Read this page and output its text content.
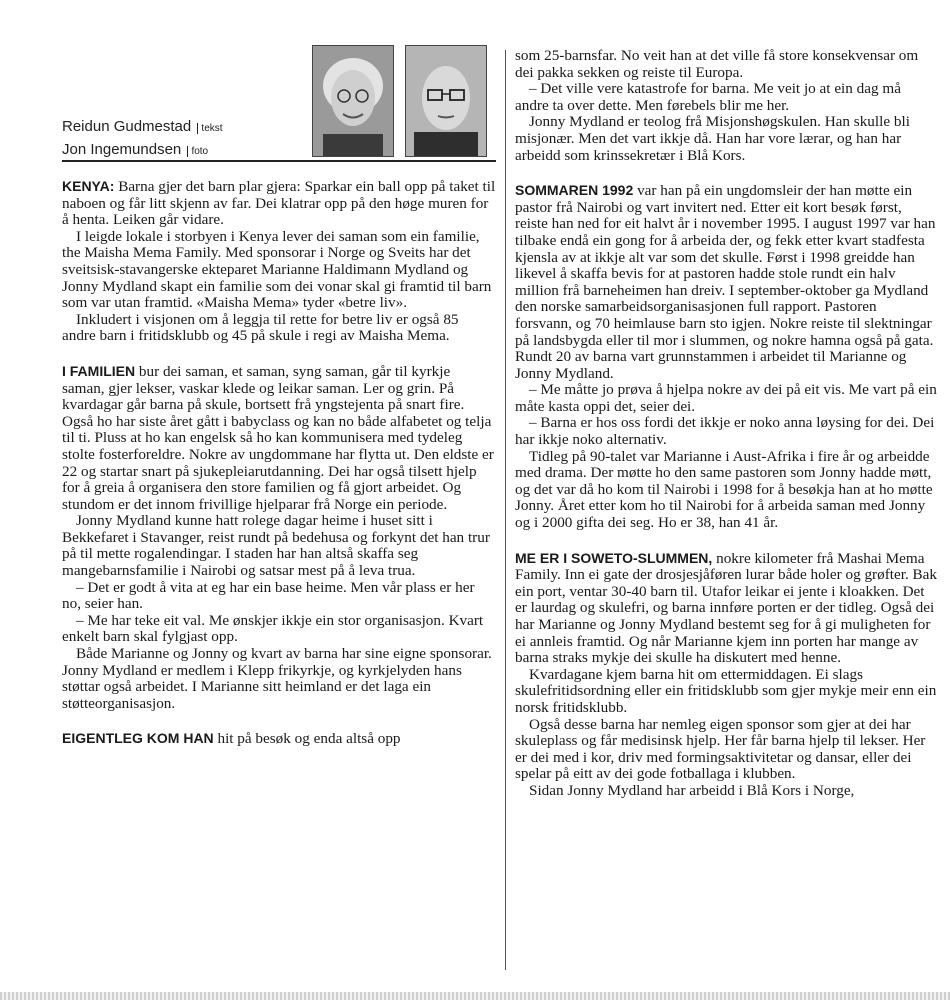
Reidun Gudmestad tekst
Jon Ingemundsen foto

KENYA: Barna gjer det barn plar gjera: Sparkar ein ball opp på taket til naboen og får litt skjenn av far. Dei klatrar opp på den høge muren for å henta. Leiken går vidare.

I leigde lokale i storbyen i Kenya lever dei saman som ein familie, the Maisha Mema Family. Med sponsorar i Norge og Sveits har det sveitsisk-stavangerske ekteparet Marianne Haldimann Mydland og Jonny Mydland skapt ein familie som dei vonar skal gi framtid til barn som var utan framtid. «Maisha Mema» tyder «betre liv».

Inkludert i visjonen om å leggja til rette for betre liv er også 85 andre barn i fritidsklubb og 45 på skule i regi av Maisha Mema.

I FAMILIEN bur dei saman, et saman, syng saman, går til kyrkje saman, gjer lekser, vaskar klede og leikar saman. Ler og grin. På kvardagar går barna på skule, bortsett frå yngstejenta på snart fire. Også ho har siste året gått i babyclass og kan no både alfabetet og telja til ti. Pluss at ho kan engelsk så ho kan kommunisera med tydeleg stolte fosterforeldre. Nokre av ungdommane har flytta ut. Den eldste er 22 og startar snart på sjukepleiarutdanning. Dei har også tilsett hjelp for å greia å organisera den store familien og få gjort arbeidet. Og stundom er det innom frivillige hjelparar frå Norge ein periode.

Jonny Mydland kunne hatt rolege dagar heime i huset sitt i Bekkefaret i Stavanger, reist rundt på bedehusa og forkynt det han trur på til mette rogalendingar. I staden har han altså skaffa seg mangebarnsfamilie i Nairobi og satsar mest på å leva trua.

– Det er godt å vita at eg har ein base heime. Men vår plass er her no, seier han.

– Me har teke eit val. Me ønskjer ikkje ein stor organisasjon. Kvart enkelt barn skal fylgjast opp.

Både Marianne og Jonny og kvart av barna har sine eigne sponsorar. Jonny Mydland er medlem i Klepp frikyrkje, og kyrkjelyden hans støttar også arbeidet. I Marianne sitt heimland er det laga ein støtteorganisasjon.

EIGENTLEG KOM HAN hit på besøk og enda altså opp

som 25-barnsfar. No veit han at det ville få store konsekvensar om dei pakka sekken og reiste til Europa.

– Det ville vere katastrofe for barna. Me veit jo at ein dag må andre ta over dette. Men førebels blir me her.

Jonny Mydland er teolog frå Misjonshøgskulen. Han skulle bli misjonær. Men det vart ikkje då. Han har vore lærar, og han har arbeidd som krinssekretær i Blå Kors.

SOMMAREN 1992 var han på ein ungdomsleir der han møtte ein pastor frå Nairobi og vart invitert ned. Etter eit kort besøk først, reiste han ned for eit halvt år i november 1995. I august 1997 var han tilbake endå ein gong for å arbeida der, og fekk etter kvart stadfesta kjensla av at ikkje alt var som det skulle. Først i 1998 greidde han likevel å skaffa bevis for at pastoren hadde stole rundt ein halv million frå barneheimen han dreiv. I september-oktober ga Mydland den norske samarbeidsorganisasjonen full rapport. Pastoren forsvann, og 70 heimlause barn sto igjen. Nokre reiste til slektningar på landsbygda eller til mor i slummen, og nokre hamna også på gata. Rundt 20 av barna vart grunnstammen i arbeidet til Marianne og Jonny Mydland.

– Me måtte jo prøva å hjelpa nokre av dei på eit vis. Me vart på ein måte kasta oppi det, seier dei.

– Barna er hos oss fordi det ikkje er noko anna løysing for dei. Dei har ikkje noko alternativ.

Tidleg på 90-talet var Marianne i Aust-Afrika i fire år og arbeidde med drama. Der møtte ho den same pastoren som Jonny hadde møtt, og det var då ho kom til Nairobi i 1998 for å besøkja han at ho møtte Jonny. Året etter kom ho til Nairobi for å arbeida saman med Jonny og i 2000 gifta dei seg. Ho er 38, han 41 år.

ME ER I SOWETO-SLUMMEN, nokre kilometer frå Mashai Mema Family. Inn ei gate der drosjesjåføren lurar både holer og grøfter. Bak ein port, ventar 30-40 barn til. Utafor leikar ei jente i kloakken. Det er laurdag og skulefri, og barna innføre porten er der tidleg. Også dei har Marianne og Jonny Mydland bestemt seg for å gi muligheten for ei annleis framtid. Og når Marianne kjem inn porten har mange av barna straks mykje dei skulle ha diskutert med henne.

Kvardagane kjem barna hit om ettermiddagen. Ei slags skulefritidsordning eller ein fritidsklubb som gjer mykje meir enn ein norsk fritidsklubb.

Også desse barna har nemleg eigen sponsor som gjer at dei har skuleplass og får medisinsk hjelp. Her får barna hjelp til lekser. Her er dei med i kor, driv med formingsaktivitetar og dansar, eller dei spelar på eitt av dei gode fotballaga i klubben.

Sidan Jonny Mydland har arbeidd i Blå Kors i Norge,
